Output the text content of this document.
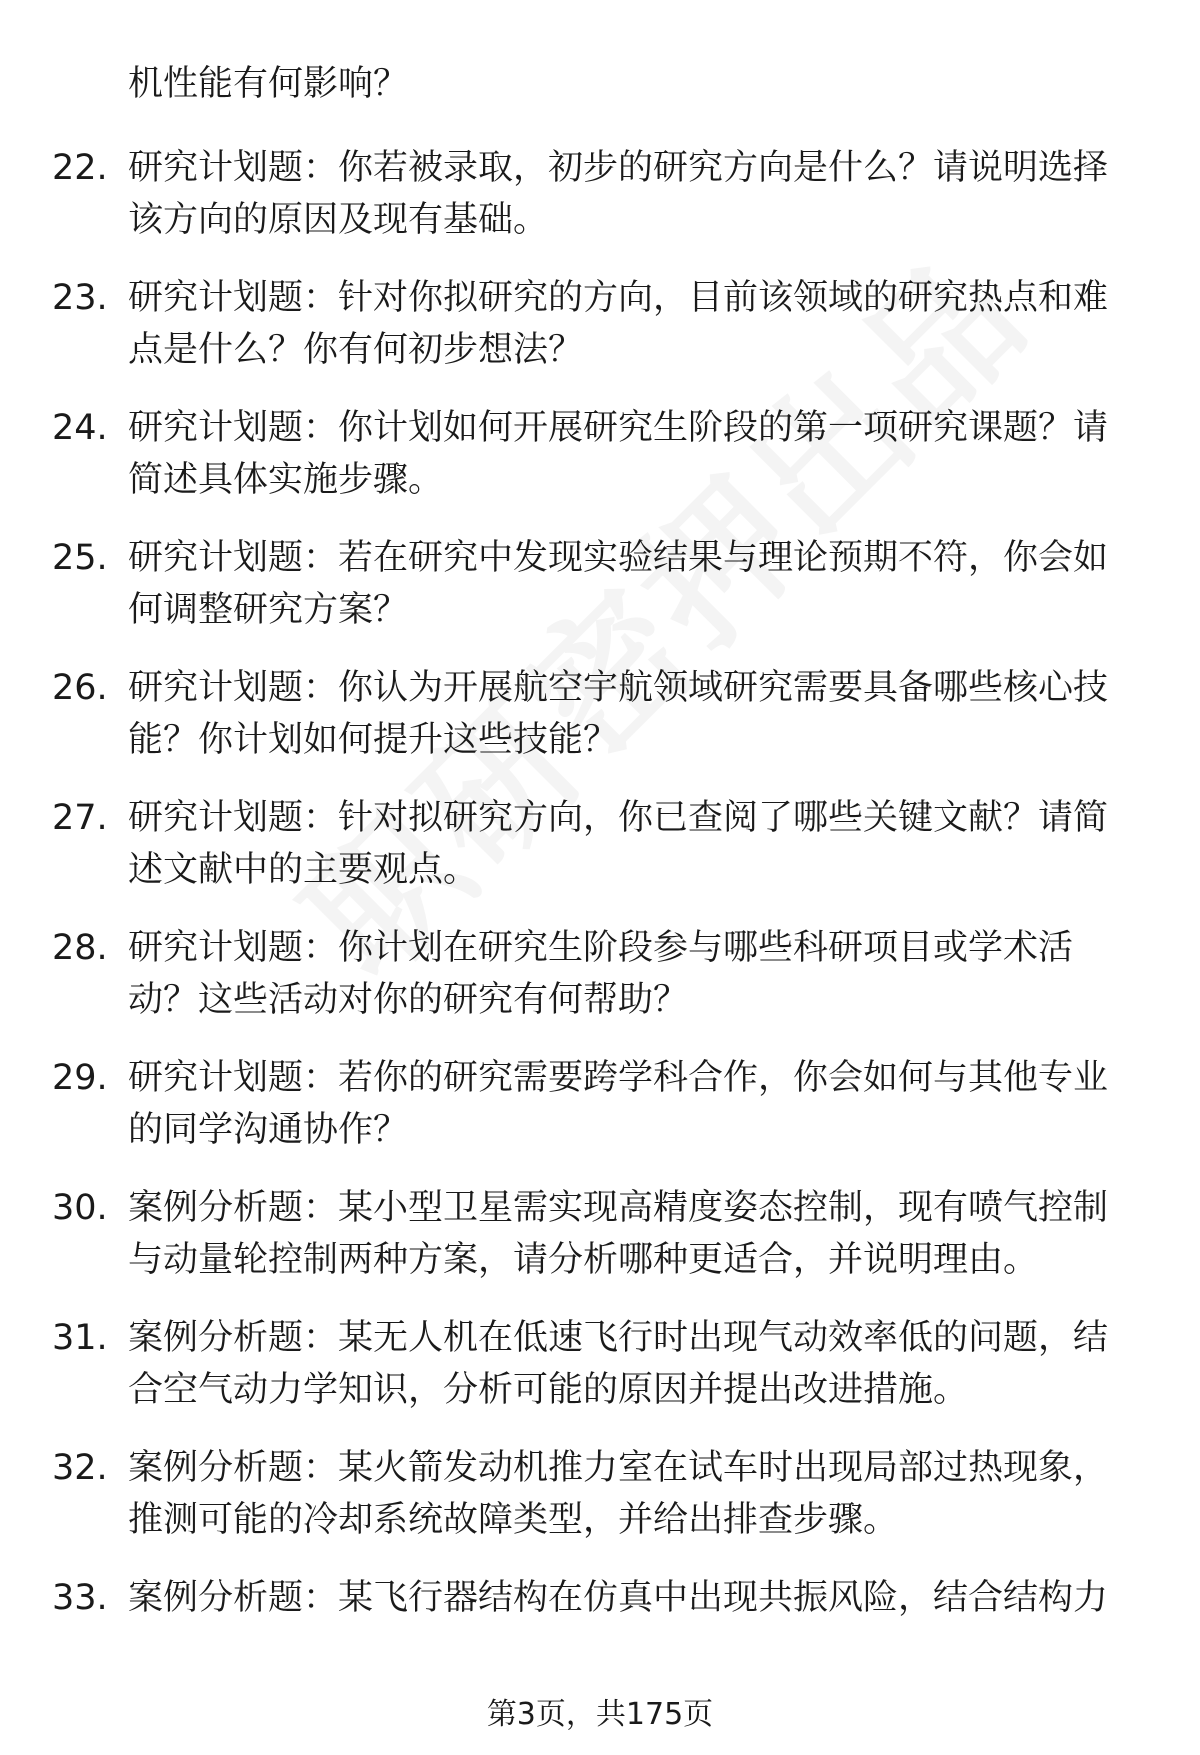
机性能有何影响？

22. 研究计划题：你若被录取，初步的研究方向是什么？请说明选择该方向的原因及现有基础。

23. 研究计划题：针对你拟研究的方向，目前该领域的研究热点和难点是什么？你有何初步想法？

24. 研究计划题：你计划如何开展研究生阶段的第一项研究课题？请简述具体实施步骤。

25. 研究计划题：若在研究中发现实验结果与理论预期不符，你会如何调整研究方案？

26. 研究计划题：你认为开展航空宇航领域研究需要具备哪些核心技能？你计划如何提升这些技能？

27. 研究计划题：针对拟研究方向，你已查阅了哪些关键文献？请简述文献中的主要观点。

28. 研究计划题：你计划在研究生阶段参与哪些科研项目或学术活动？这些活动对你的研究有何帮助？

29. 研究计划题：若你的研究需要跨学科合作，你会如何与其他专业的同学沟通协作？

30. 案例分析题：某小型卫星需实现高精度姿态控制，现有喷气控制与动量轮控制两种方案，请分析哪种更适合，并说明理由。

31. 案例分析题：某无人机在低速飞行时出现气动效率低的问题，结合空气动力学知识，分析可能的原因并提出改进措施。

32. 案例分析题：某火箭发动机推力室在试车时出现局部过热现象，推测可能的冷却系统故障类型，并给出排查步骤。

33. 案例分析题：某飞行器结构在仿真中出现共振风险，结合结构力

第3页，共175页
